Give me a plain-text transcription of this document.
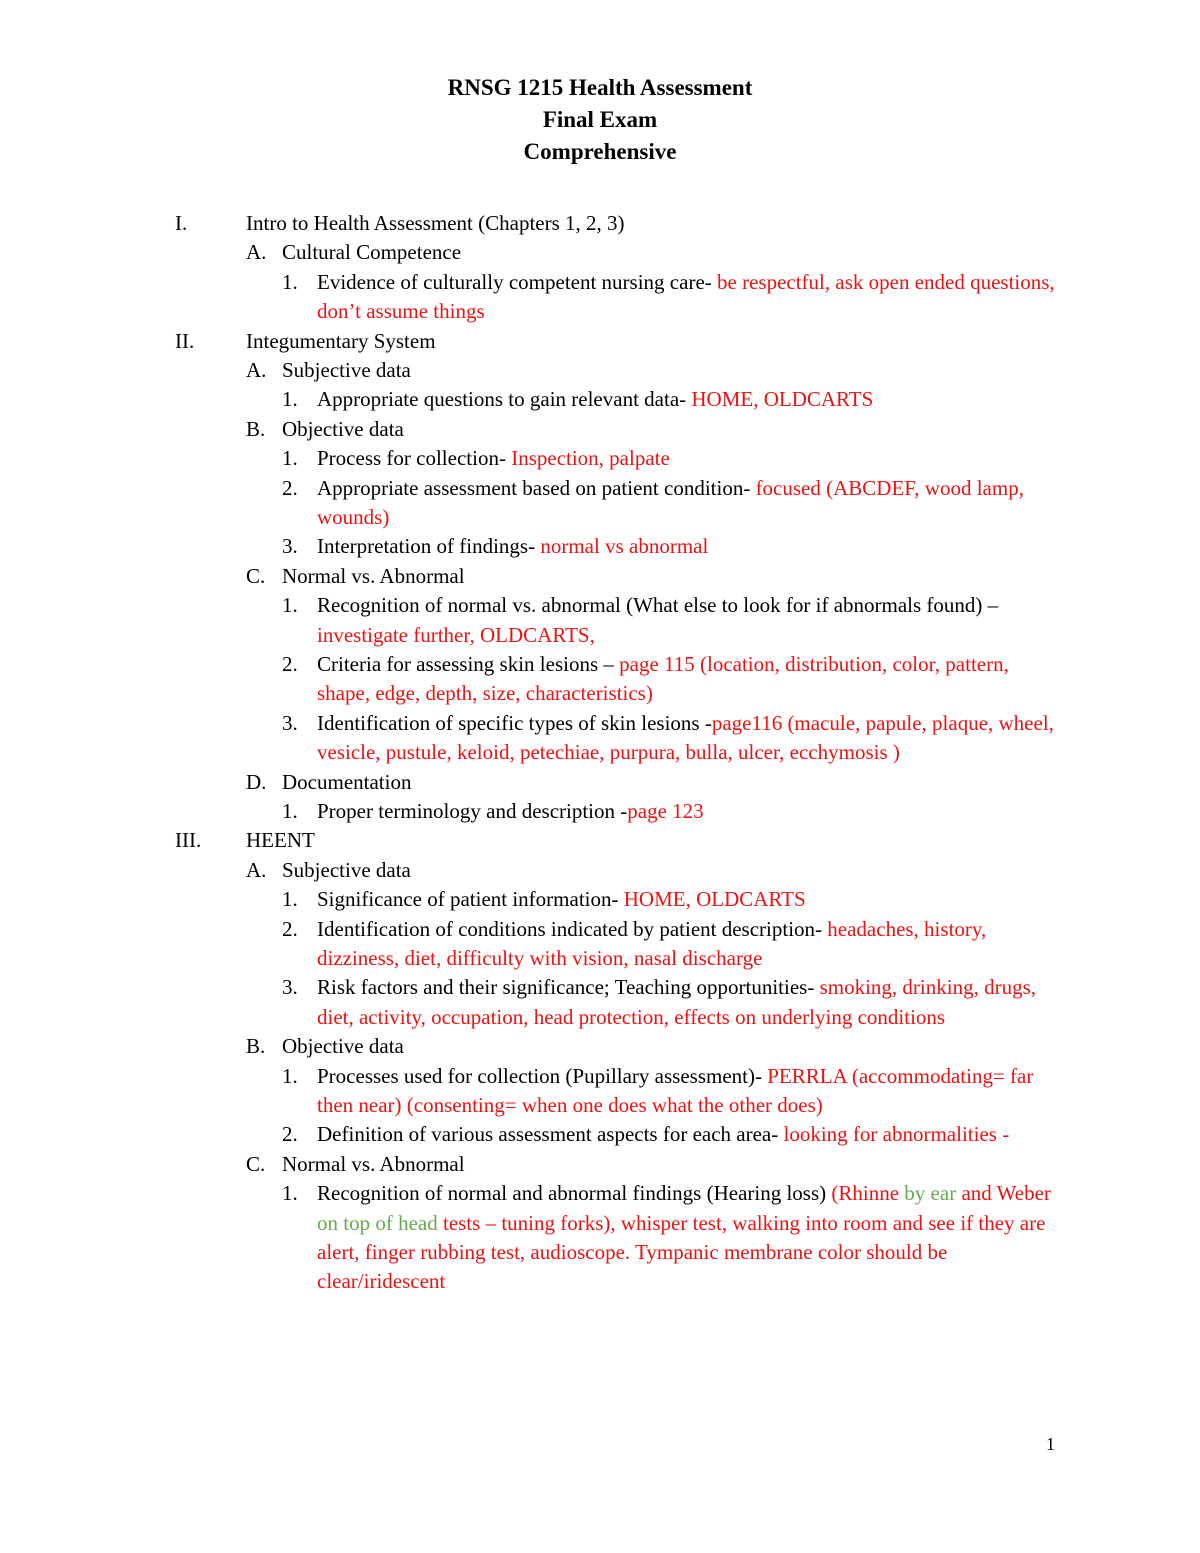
RNSG 1215 Health Assessment
Final Exam
Comprehensive
I.	Intro to Health Assessment (Chapters 1, 2, 3)
A. Cultural Competence
1. Evidence of culturally competent nursing care- be respectful, ask open ended questions, don’t assume things
II. Integumentary System
A. Subjective data
1. Appropriate questions to gain relevant data- HOME, OLDCARTS
B. Objective data
1. Process for collection- Inspection, palpate
2. Appropriate assessment based on patient condition- focused (ABCDEF, wood lamp, wounds)
3. Interpretation of findings- normal vs abnormal
C. Normal vs. Abnormal
1. Recognition of normal vs. abnormal (What else to look for if abnormals found) – investigate further, OLDCARTS,
2. Criteria for assessing skin lesions – page 115 (location, distribution, color, pattern, shape, edge, depth, size, characteristics)
3. Identification of specific types of skin lesions -page116 (macule, papule, plaque, wheel, vesicle, pustule, keloid, petechiae, purpura, bulla, ulcer, ecchymosis )
D. Documentation
1. Proper terminology and description -page 123
III. HEENT
A. Subjective data
1. Significance of patient information- HOME, OLDCARTS
2. Identification of conditions indicated by patient description- headaches, history, dizziness, diet, difficulty with vision, nasal discharge
3. Risk factors and their significance; Teaching opportunities- smoking, drinking, drugs, diet, activity, occupation, head protection, effects on underlying conditions
B. Objective data
1. Processes used for collection (Pupillary assessment)- PERRLA (accommodating= far then near) (consenting= when one does what the other does)
2. Definition of various assessment aspects for each area- looking for abnormalities -
C. Normal vs. Abnormal
1. Recognition of normal and abnormal findings (Hearing loss) (Rhinne by ear and Weber on top of head tests – tuning forks), whisper test, walking into room and see if they are alert, finger rubbing test, audioscope. Tympanic membrane color should be clear/iridescent
1
